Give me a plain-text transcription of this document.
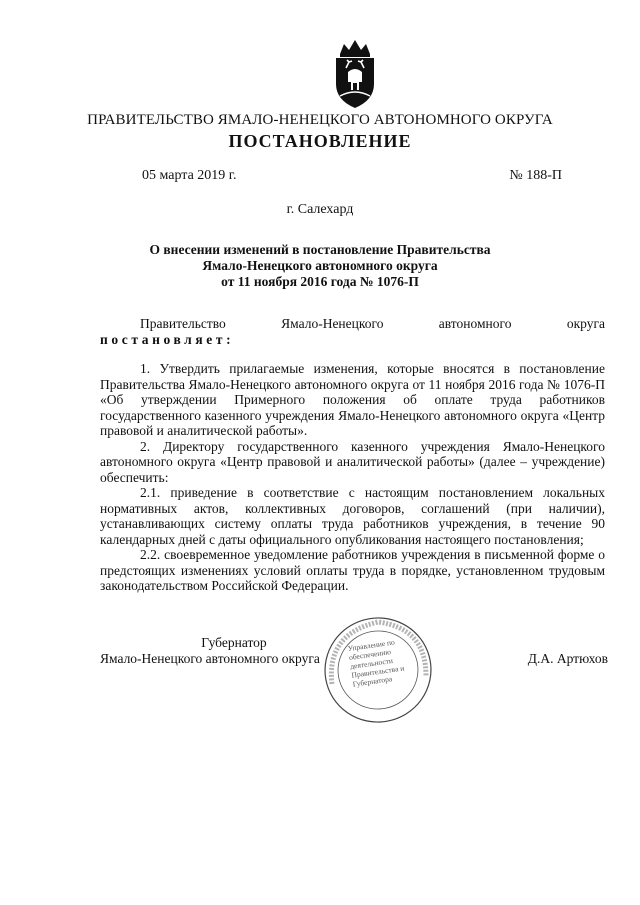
ПРАВИТЕЛЬСТВО ЯМАЛО-НЕНЕЦКОГО АВТОНОМНОГО ОКРУГА
ПОСТАНОВЛЕНИЕ
05 марта 2019 г.	№ 188-П
г. Салехард
О внесении изменений в постановление Правительства
Ямало-Ненецкого автономного округа
от 11 ноября 2016 года № 1076-П
Правительство	Ямало-Ненецкого	автономного	округа
постановляет:

1. Утвердить прилагаемые изменения, которые вносятся в постановление Правительства Ямало-Ненецкого автономного округа от 11 ноября 2016 года № 1076-П «Об утверждении Примерного положения об оплате труда работников государственного казенного учреждения Ямало-Ненецкого автономного округа «Центр правовой и аналитической работы».

2. Директору государственного казенного учреждения Ямало-Ненецкого автономного округа «Центр правовой и аналитической работы» (далее – учреждение) обеспечить:

2.1. приведение в соответствие с настоящим постановлением локальных нормативных актов, коллективных договоров, соглашений (при наличии), устанавливающих систему оплаты труда работников учреждения, в течение 90 календарных дней с даты официального опубликования настоящего постановления;

2.2. своевременное уведомление работников учреждения в письменной форме о предстоящих изменениях условий оплаты труда в порядке, установленном трудовым законодательством Российской Федерации.

Губернатор
Ямало-Ненецкого автономного округа
Управление по обеспечению деятельности Правительства и Губернатора
Д.А. Артюхов
